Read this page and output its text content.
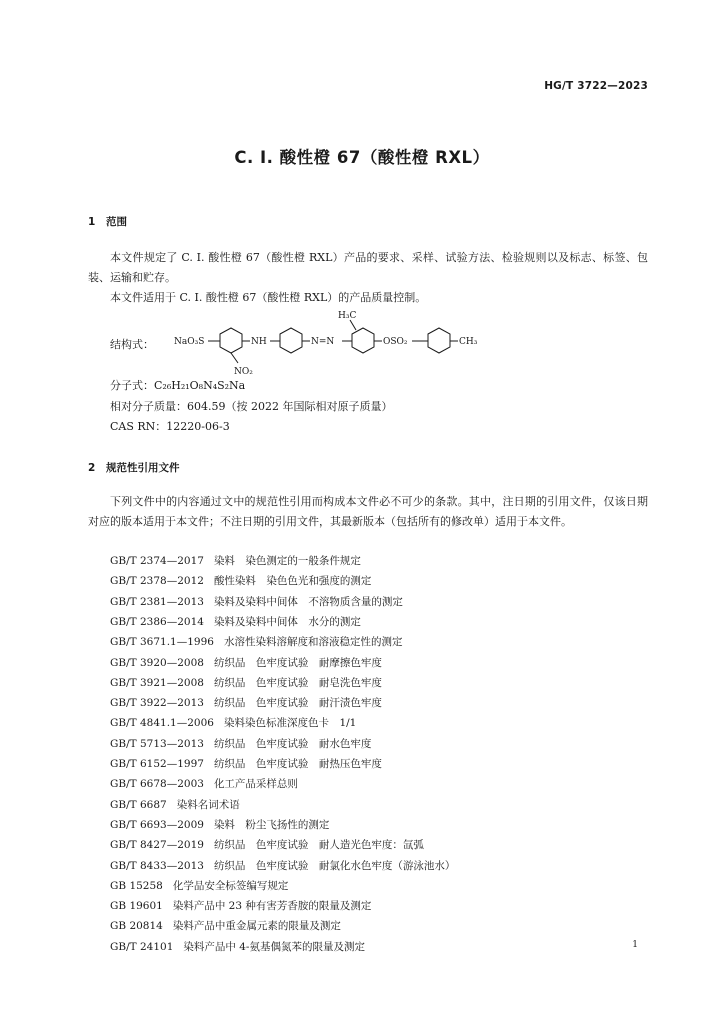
HG/T 3722—2023
C. I. 酸性橙 67（酸性橙 RXL）
1 范围
本文件规定了 C. I. 酸性橙 67（酸性橙 RXL）产品的要求、采样、试验方法、检验规则以及标志、标签、包装、运输和贮存。
本文件适用于 C. I. 酸性橙 67（酸性橙 RXL）的产品质量控制。
结构式： NaO₃S	NH
NO₂
N=N
H₃C
OSO₂	CH₃
分子式：C₂₆H₂₁O₈N₄S₂Na
相对分子质量：604.59（按 2022 年国际相对原子质量）
CAS RN：12220-06-3
2 规范性引用文件
下列文件中的内容通过文中的规范性引用而构成本文件必不可少的条款。其中，注日期的引用文件，仅该日期对应的版本适用于本文件；不注日期的引用文件，其最新版本（包括所有的修改单）适用于本文件。
GB/T 2374—2017 染料　染色测定的一般条件规定
GB/T 2378—2012 酸性染料　染色色光和强度的测定
GB/T 2381—2013 染料及染料中间体　不溶物质含量的测定
GB/T 2386—2014 染料及染料中间体　水分的测定
GB/T 3671.1—1996 水溶性染料溶解度和溶液稳定性的测定
GB/T 3920—2008 纺织品　色牢度试验　耐摩擦色牢度
GB/T 3921—2008 纺织品　色牢度试验　耐皂洗色牢度
GB/T 3922—2013 纺织品　色牢度试验　耐汗渍色牢度
GB/T 4841.1—2006 染料染色标准深度色卡　1/1
GB/T 5713—2013 纺织品　色牢度试验　耐水色牢度
GB/T 6152—1997 纺织品　色牢度试验　耐热压色牢度
GB/T 6678—2003 化工产品采样总则
GB/T 6687 染料名词术语
GB/T 6693—2009 染料　粉尘飞扬性的测定
GB/T 8427—2019 纺织品　色牢度试验　耐人造光色牢度：氙弧
GB/T 8433—2013 纺织品　色牢度试验　耐氯化水色牢度（游泳池水）
GB 15258 化学品安全标签编写规定
GB 19601 染料产品中 23 种有害芳香胺的限量及测定
GB 20814 染料产品中重金属元素的限量及测定
GB/T 24101 染料产品中 4-氨基偶氮苯的限量及测定	1
